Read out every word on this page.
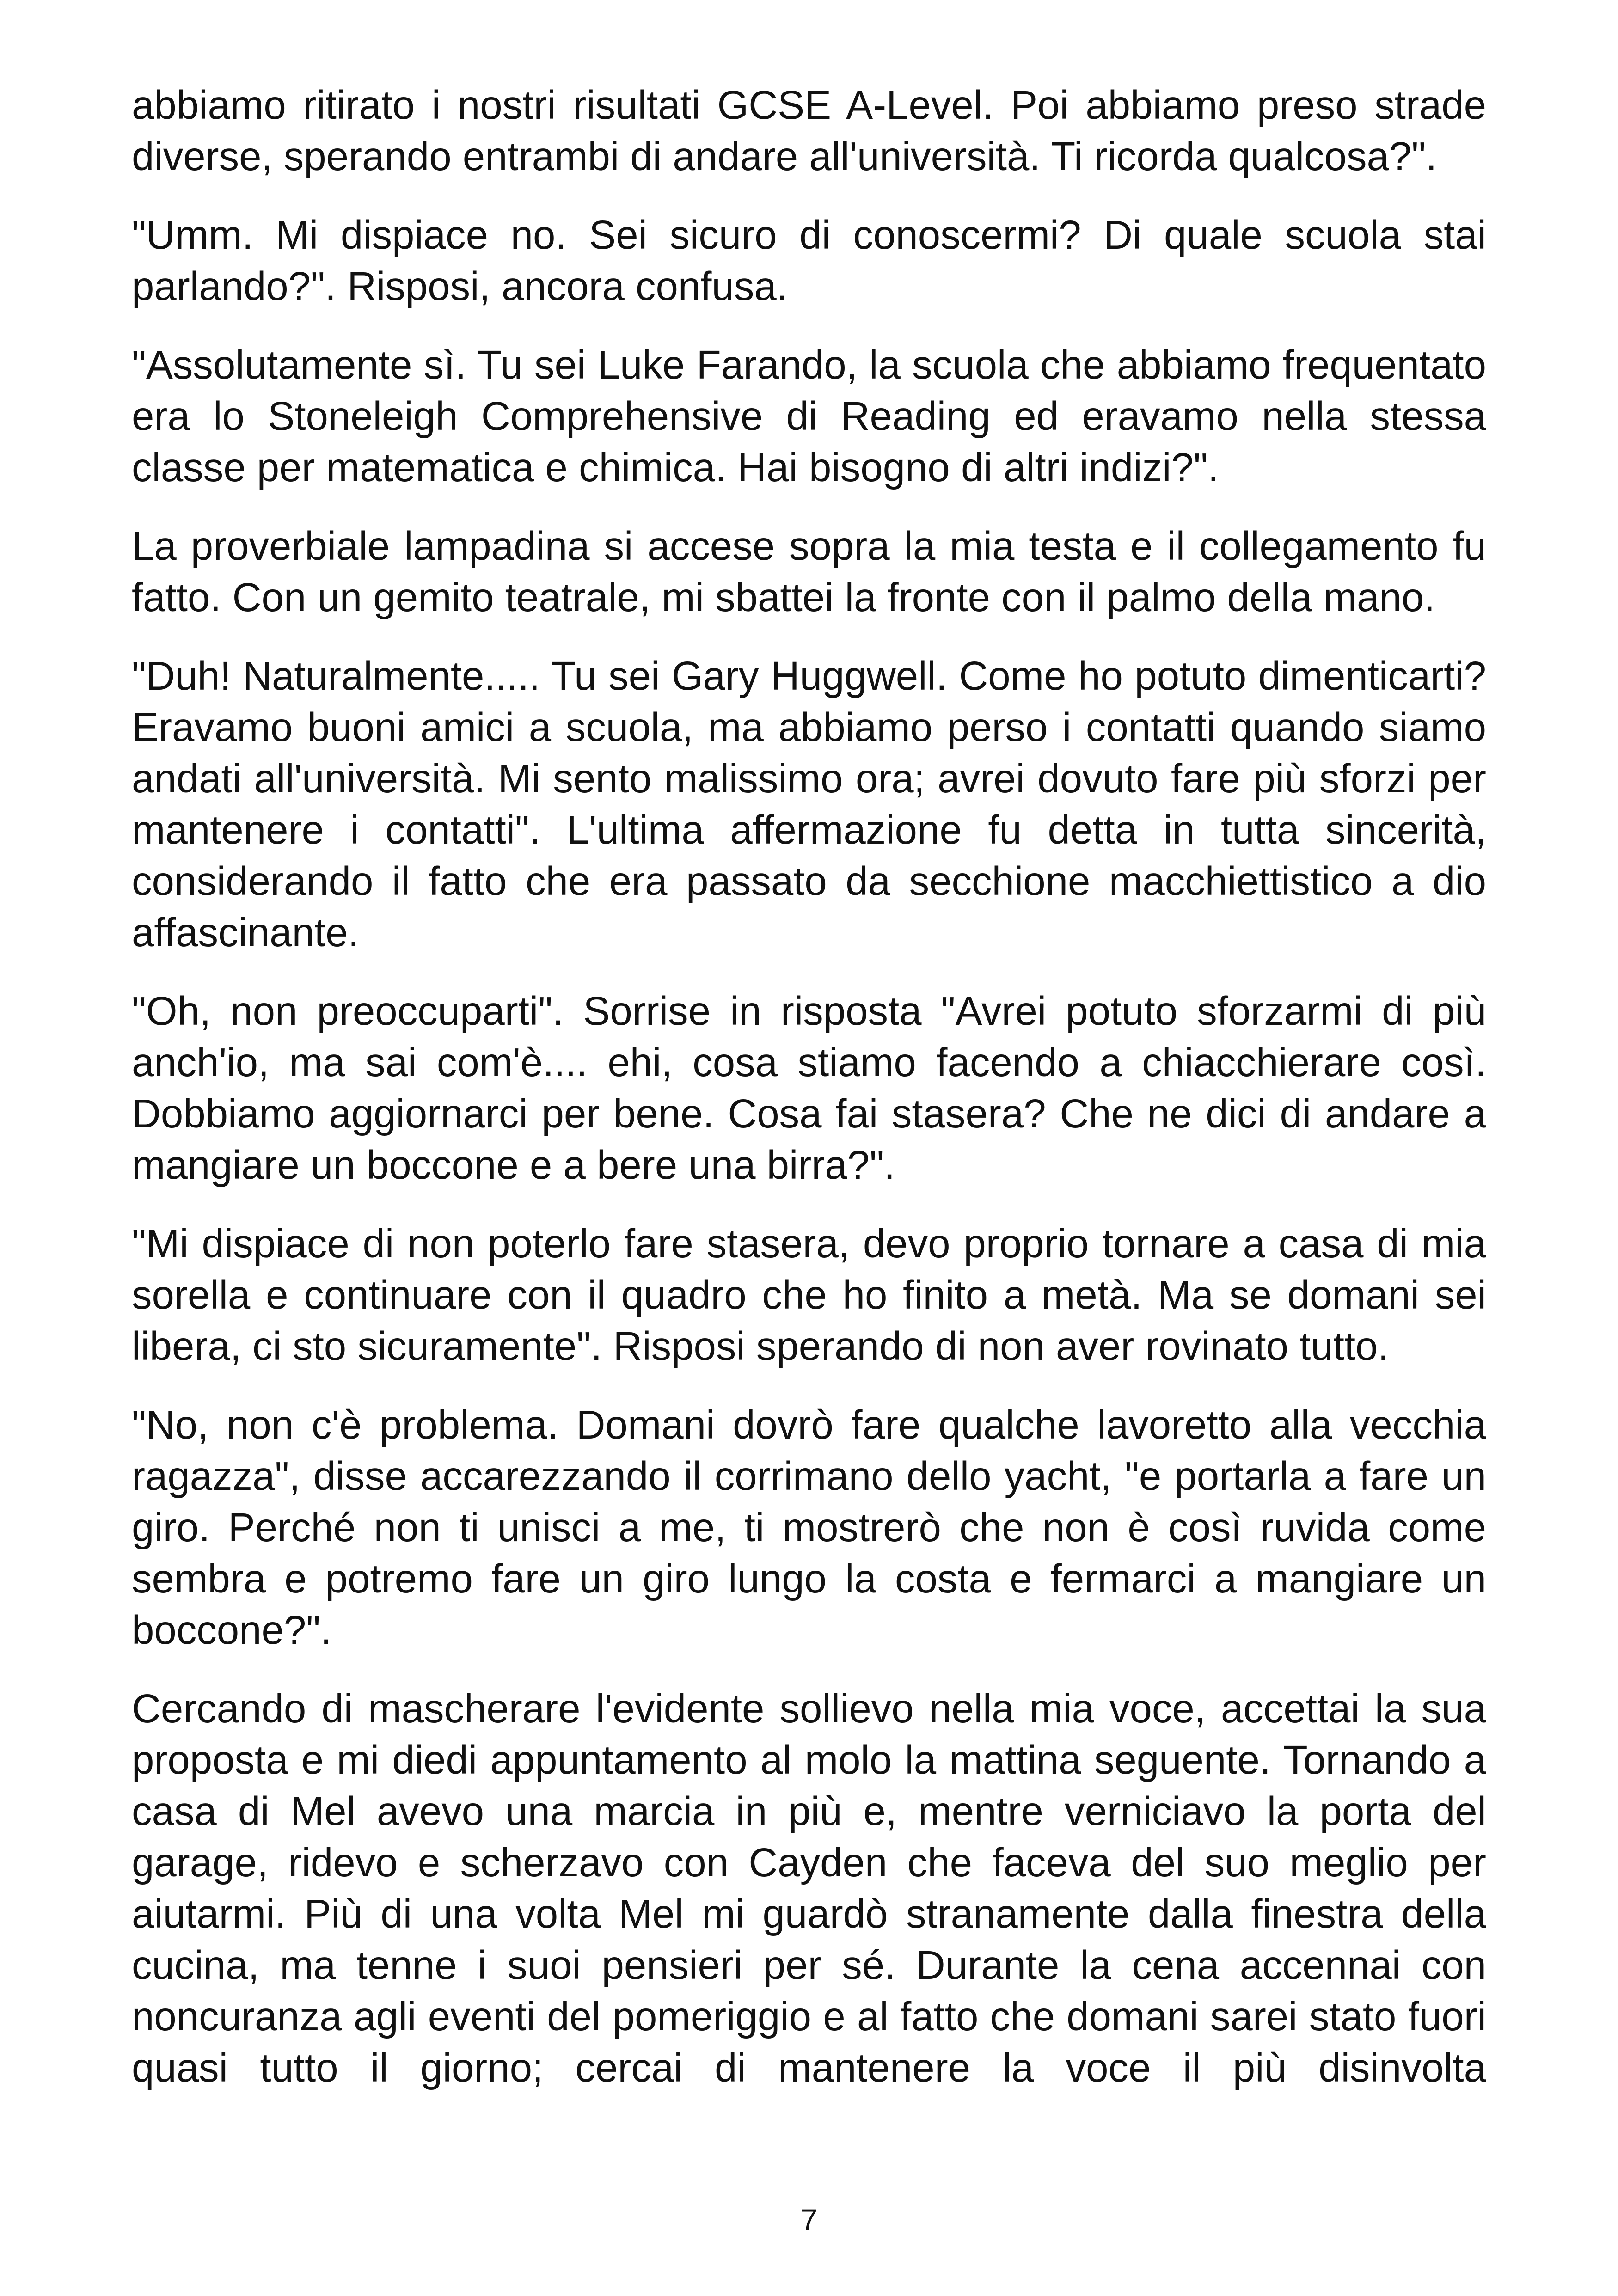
abbiamo ritirato i nostri risultati GCSE A-Level. Poi abbiamo preso strade diverse, sperando entrambi di andare all'università. Ti ricorda qualcosa?".

"Umm. Mi dispiace no. Sei sicuro di conoscermi? Di quale scuola stai parlando?". Risposi, ancora confusa.

"Assolutamente sì. Tu sei Luke Farando, la scuola che abbiamo frequentato era lo Stoneleigh Comprehensive di Reading ed eravamo nella stessa classe per matematica e chimica. Hai bisogno di altri indizi?".

La proverbiale lampadina si accese sopra la mia testa e il collegamento fu fatto. Con un gemito teatrale, mi sbattei la fronte con il palmo della mano.

"Duh! Naturalmente..... Tu sei Gary Huggwell. Come ho potuto dimenticarti? Eravamo buoni amici a scuola, ma abbiamo perso i contatti quando siamo andati all'università. Mi sento malissimo ora; avrei dovuto fare più sforzi per mantenere i contatti". L'ultima affermazione fu detta in tutta sincerità, considerando il fatto che era passato da secchione macchiettistico a dio affascinante.

"Oh, non preoccuparti". Sorrise in risposta "Avrei potuto sforzarmi di più anch'io, ma sai com'è.... ehi, cosa stiamo facendo a chiacchierare così. Dobbiamo aggiornarci per bene. Cosa fai stasera? Che ne dici di andare a mangiare un boccone e a bere una birra?".

"Mi dispiace di non poterlo fare stasera, devo proprio tornare a casa di mia sorella e continuare con il quadro che ho finito a metà. Ma se domani sei libera, ci sto sicuramente". Risposi sperando di non aver rovinato tutto.

"No, non c'è problema. Domani dovrò fare qualche lavoretto alla vecchia ragazza", disse accarezzando il corrimano dello yacht, "e portarla a fare un giro. Perché non ti unisci a me, ti mostrerò che non è così ruvida come sembra e potremo fare un giro lungo la costa e fermarci a mangiare un boccone?".

Cercando di mascherare l'evidente sollievo nella mia voce, accettai la sua proposta e mi diedi appuntamento al molo la mattina seguente. Tornando a casa di Mel avevo una marcia in più e, mentre verniciavo la porta del garage, ridevo e scherzavo con Cayden che faceva del suo meglio per aiutarmi. Più di una volta Mel mi guardò stranamente dalla finestra della cucina, ma tenne i suoi pensieri per sé. Durante la cena accennai con noncuranza agli eventi del pomeriggio e al fatto che domani sarei stato fuori quasi tutto il giorno; cercai di mantenere la voce il più disinvolta

7
